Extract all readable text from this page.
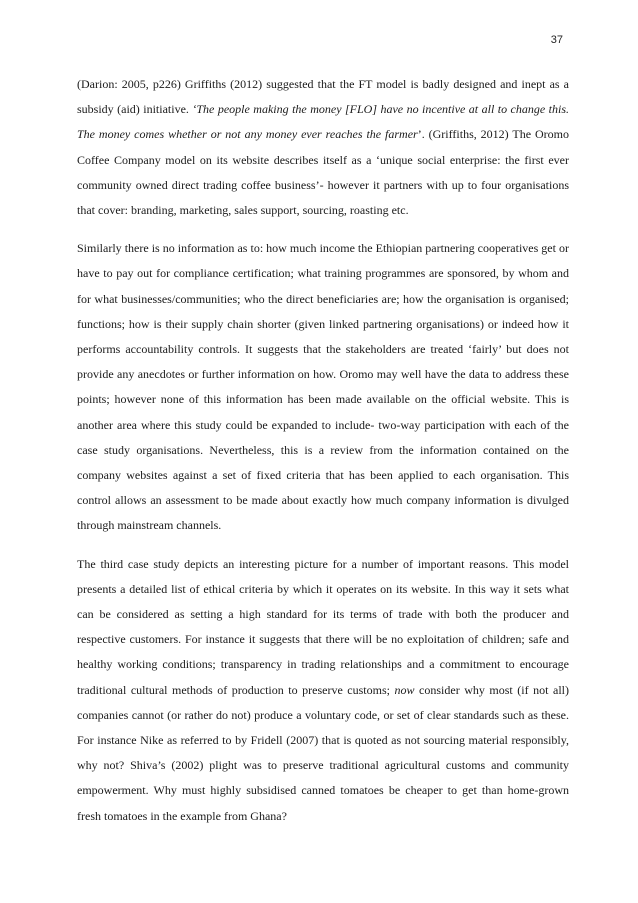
37

(Darion: 2005, p226) Griffiths (2012) suggested that the FT model is badly designed and inept as a subsidy (aid) initiative. ‘The people making the money [FLO] have no incentive at all to change this. The money comes whether or not any money ever reaches the farmer’. (Griffiths, 2012) The Oromo Coffee Company model on its website describes itself as a ‘unique social enterprise: the first ever community owned direct trading coffee business’- however it partners with up to four organisations that cover: branding, marketing, sales support, sourcing, roasting etc.

Similarly there is no information as to: how much income the Ethiopian partnering cooperatives get or have to pay out for compliance certification; what training programmes are sponsored, by whom and for what businesses/communities; who the direct beneficiaries are; how the organisation is organised; functions; how is their supply chain shorter (given linked partnering organisations) or indeed how it performs accountability controls. It suggests that the stakeholders are treated ‘fairly’ but does not provide any anecdotes or further information on how. Oromo may well have the data to address these points; however none of this information has been made available on the official website. This is another area where this study could be expanded to include- two-way participation with each of the case study organisations. Nevertheless, this is a review from the information contained on the company websites against a set of fixed criteria that has been applied to each organisation. This control allows an assessment to be made about exactly how much company information is divulged through mainstream channels.

The third case study depicts an interesting picture for a number of important reasons. This model presents a detailed list of ethical criteria by which it operates on its website. In this way it sets what can be considered as setting a high standard for its terms of trade with both the producer and respective customers. For instance it suggests that there will be no exploitation of children; safe and healthy working conditions; transparency in trading relationships and a commitment to encourage traditional cultural methods of production to preserve customs; now consider why most (if not all) companies cannot (or rather do not) produce a voluntary code, or set of clear standards such as these. For instance Nike as referred to by Fridell (2007) that is quoted as not sourcing material responsibly, why not? Shiva’s (2002) plight was to preserve traditional agricultural customs and community empowerment. Why must highly subsidised canned tomatoes be cheaper to get than home-grown fresh tomatoes in the example from Ghana?
